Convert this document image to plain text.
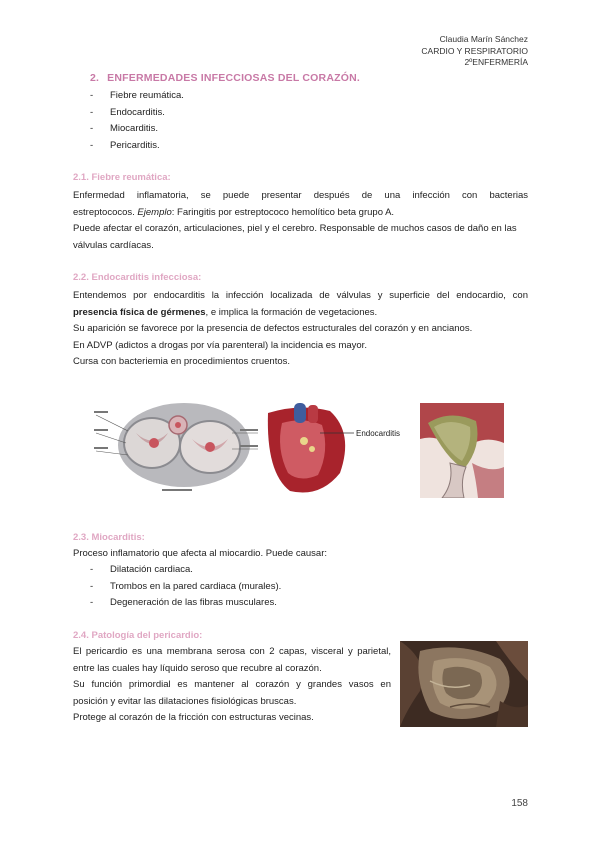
Claudia Marín Sánchez
CARDIO Y RESPIRATORIO
2ºENFERMERÍA
2. ENFERMEDADES INFECCIOSAS DEL CORAZÓN.
- Fiebre reumática.
- Endocarditis.
- Miocarditis.
- Pericarditis.
2.1. Fiebre reumática:

Enfermedad inflamatoria, se puede presentar después de una infección con bacterias

estreptococos. Ejemplo: Faringitis por estreptococo hemolítico beta grupo A.

Puede afectar el corazón, articulaciones, piel y el cerebro. Responsable de muchos casos de daño en las válvulas cardíacas.

2.2. Endocarditis infecciosa:

Entendemos por endocarditis la infección localizada de válvulas y superficie del endocardio, con

presencia física de gérmenes, e implica la formación de vegetaciones.

Su aparición se favorece por la presencia de defectos estructurales del corazón y en ancianos.

En ADVP (adictos a drogas por vía parenteral) la incidencia es mayor.

Cursa con bacteriemia en procedimientos cruentos.

Endocarditis
2.3. Miocarditis:
Proceso inflamatorio que afecta al miocardio. Puede causar:
- Dilatación cardiaca.
- Trombos en la pared cardiaca (murales).
- Degeneración de las fibras musculares.
2.4. Patología del pericardio:

El pericardio es una membrana serosa con 2 capas, visceral y parietal,

entre las cuales hay líquido seroso que recubre al corazón.

Su función primordial es mantener al corazón y grandes vasos en

posición y evitar las dilataciones fisiológicas bruscas.

Protege al corazón de la fricción con estructuras vecinas.

158
